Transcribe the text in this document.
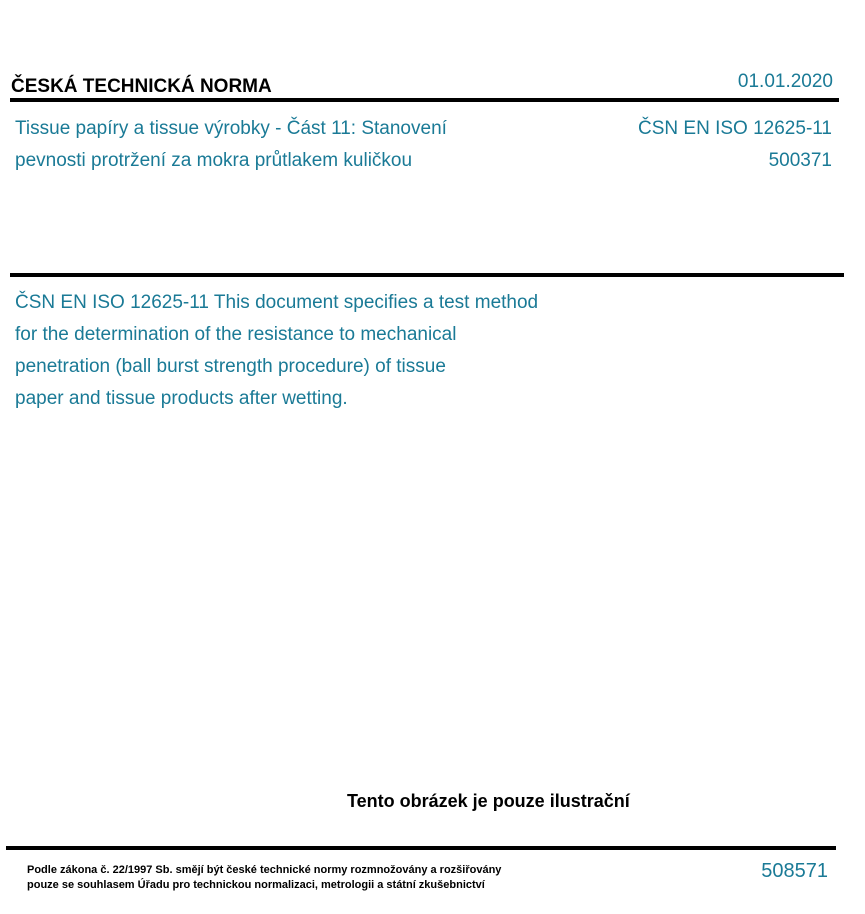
ČESKÁ TECHNICKÁ NORMA	01.01.2020
Tissue papíry a tissue výrobky - Část 11: Stanovení
pevnosti protržení za mokra průtlakem kuličkou
ČSN EN ISO 12625-11
500371
ČSN EN ISO 12625-11 This document specifies a test method
for the determination of the resistance to mechanical
penetration (ball burst strength procedure) of tissue
paper and tissue products after wetting.
Tento obrázek je pouze ilustrační
Podle zákona č. 22/1997 Sb. smějí být české technické normy rozmnožovány a rozšiřovány
pouze se souhlasem Úřadu pro technickou normalizaci, metrologii a státní zkušebnictví
508571
